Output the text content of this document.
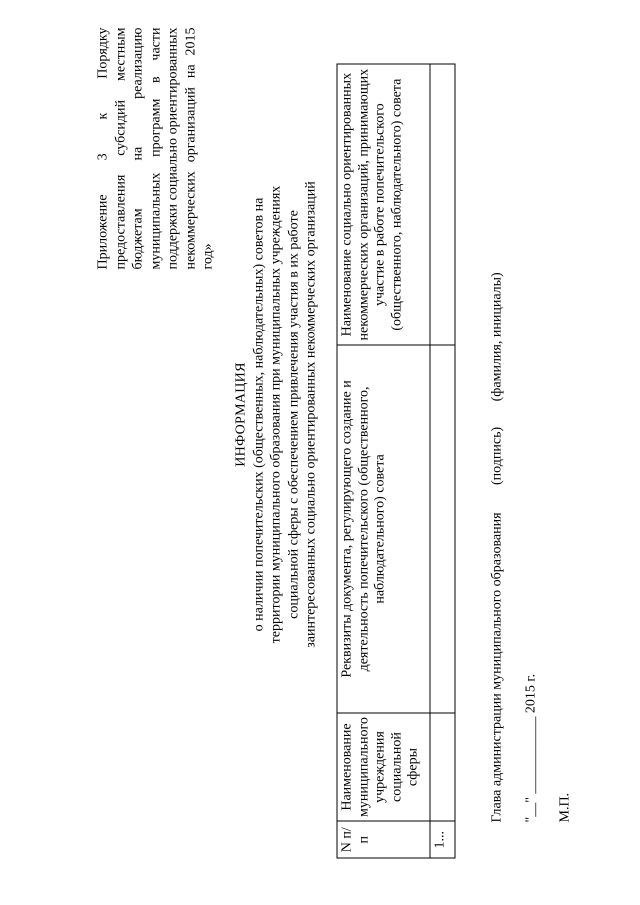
Приложение 3 к Порядку предоставления субсидий местным бюджетам на реализацию муниципальных программ в части поддержки социально ориентированных некоммерческих организаций на 2015 год»
ИНФОРМАЦИЯ о наличии попечительских (общественных, наблюдательных) советов на территории муниципального образования при муниципальных учреждениях социальной сферы с обеспечением привлечения участия в их работе заинтересованных социально ориентированных некоммерческих организаций
N п/п	Наименование муниципального учреждения социальной сферы	Реквизиты документа, регулирующего создание и деятельность попечительского (общественного, наблюдательного) совета	Наименование социально ориентированных некоммерческих организаций, принимающих участие в работе попечительского (общественного, наблюдательного) совета
1...			
Глава администрации муниципального образования (подпись) (фамилия, инициалы)
"__" ___________ 2015 г. М.П.
